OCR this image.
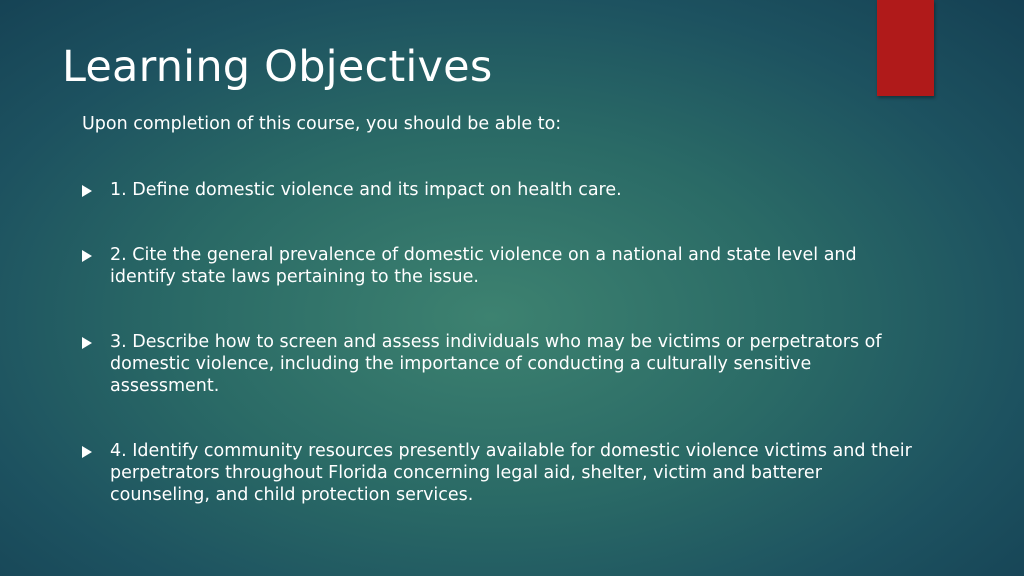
Learning Objectives
Upon completion of this course, you should be able to:
1. Define domestic violence and its impact on health care.
2. Cite the general prevalence of domestic violence on a national and state level and identify state laws pertaining to the issue.
3. Describe how to screen and assess individuals who may be victims or perpetrators of domestic violence, including the importance of conducting a culturally sensitive assessment.
4. Identify community resources presently available for domestic violence victims and their perpetrators throughout Florida concerning legal aid, shelter, victim and batterer counseling, and child protection services.
